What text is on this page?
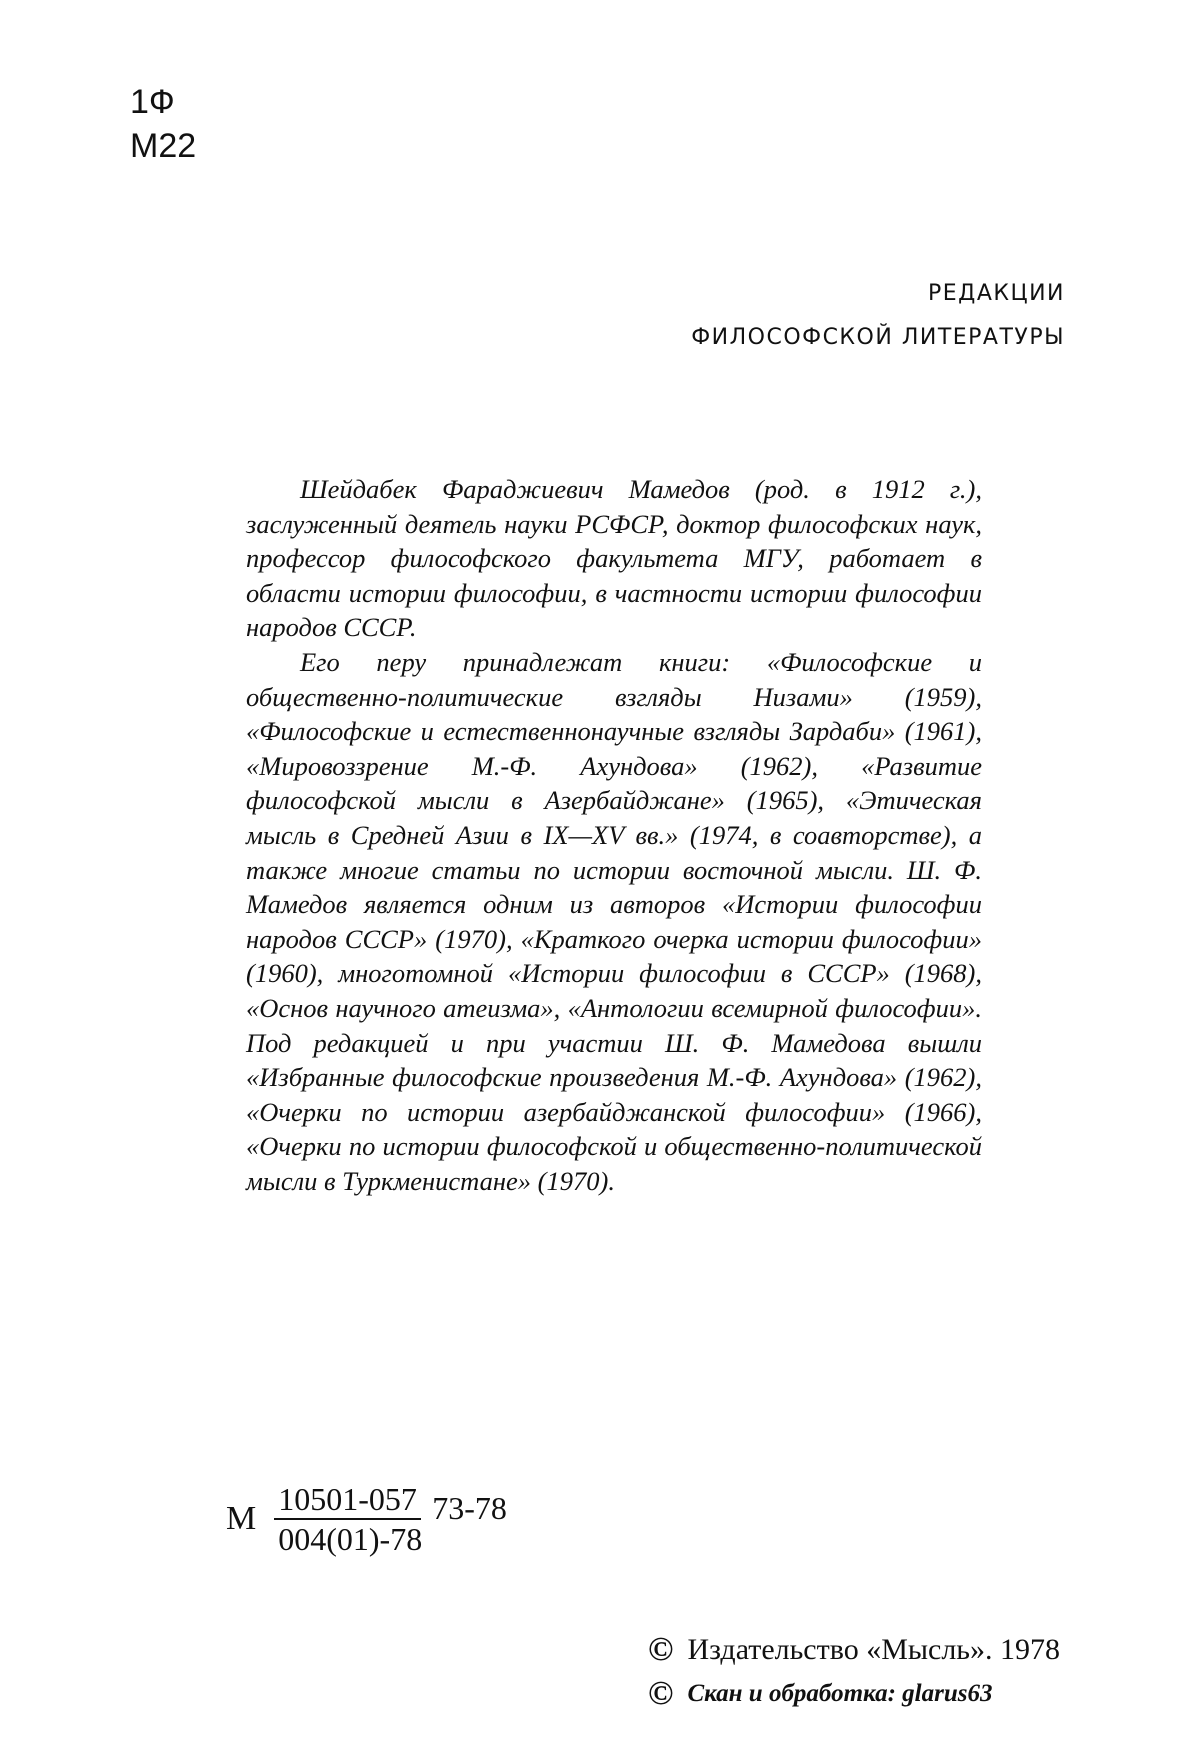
1Ф
М22
РЕДАКЦИИ
ФИЛОСОФСКОЙ ЛИТЕРАТУРЫ

Шейдабек Фараджиевич Мамедов (род. в 1912 г.), заслуженный деятель науки РСФСР, доктор философских наук, профессор философского факультета МГУ, работает в области истории философии, в частности истории философии народов СССР.

Его перу принадлежат книги: «Философские и общественно-политические взгляды Низами» (1959), «Философские и естественнонаучные взгляды Зардаби» (1961), «Мировоззрение М.-Ф. Ахундова» (1962), «Развитие философской мысли в Азербайджане» (1965), «Этическая мысль в Средней Азии в IX—XV вв.» (1974, в соавторстве), а также многие статьи по истории восточной мысли. Ш. Ф. Мамедов является одним из авторов «Истории философии народов СССР» (1970), «Краткого очерка истории философии» (1960), многотомной «Истории философии в СССР» (1968), «Основ научного атеизма», «Антологии всемирной философии». Под редакцией и при участии Ш. Ф. Мамедова вышли «Избранные философские произведения М.-Ф. Ахундова» (1962), «Очерки по истории азербайджанской философии» (1966), «Очерки по истории философской и общественно-политической мысли в Туркменистане» (1970).

М $\frac{10501-057}{004(01)-78} 73-78$
© Издательство «Мысль». 1978
© Скан и обработка: glarus63
